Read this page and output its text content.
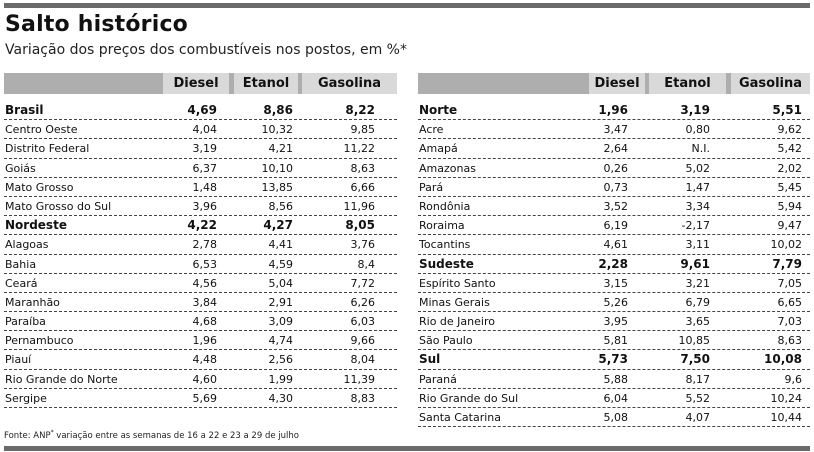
Salto histórico
Variação dos preços dos combustíveis nos postos, em %*
Diesel	Etanol	Gasolina
Brasil	4,69	8,86	8,22
Centro Oeste	4,04	10,32	9,85
Distrito Federal	3,19	4,21	11,22
Goiás	6,37	10,10	8,63
Mato Grosso	1,48	13,85	6,66
Mato Grosso do Sul	3,96	8,56	11,96
Nordeste	4,22	4,27	8,05
Alagoas	2,78	4,41	3,76
Bahia	6,53	4,59	8,4
Ceará	4,56	5,04	7,72
Maranhão	3,84	2,91	6,26
Paraíba	4,68	3,09	6,03
Pernambuco	1,96	4,74	9,66
Piauí	4,48	2,56	8,04
Rio Grande do Norte	4,60	1,99	11,39
Sergipe	5,69	4,30	8,83
Diesel	Etanol	Gasolina
Norte	1,96	3,19	5,51
Acre	3,47	0,80	9,62
Amapá	2,64	N.I.	5,42
Amazonas	0,26	5,02	2,02
Pará	0,73	1,47	5,45
Rondônia	3,52	3,34	5,94
Roraima	6,19	-2,17	9,47
Tocantins	4,61	3,11	10,02
Sudeste	2,28	9,61	7,79
Espírito Santo	3,15	3,21	7,05
Minas Gerais	5,26	6,79	6,65
Rio de Janeiro	3,95	3,65	7,03
São Paulo	5,81	10,85	8,63
Sul	5,73	7,50	10,08
Paraná	5,88	8,17	9,6
Rio Grande do Sul	6,04	5,52	10,24
Santa Catarina	5,08	4,07	10,44
Fonte: ANP* variação entre as semanas de 16 a 22 e 23 a 29 de julho
